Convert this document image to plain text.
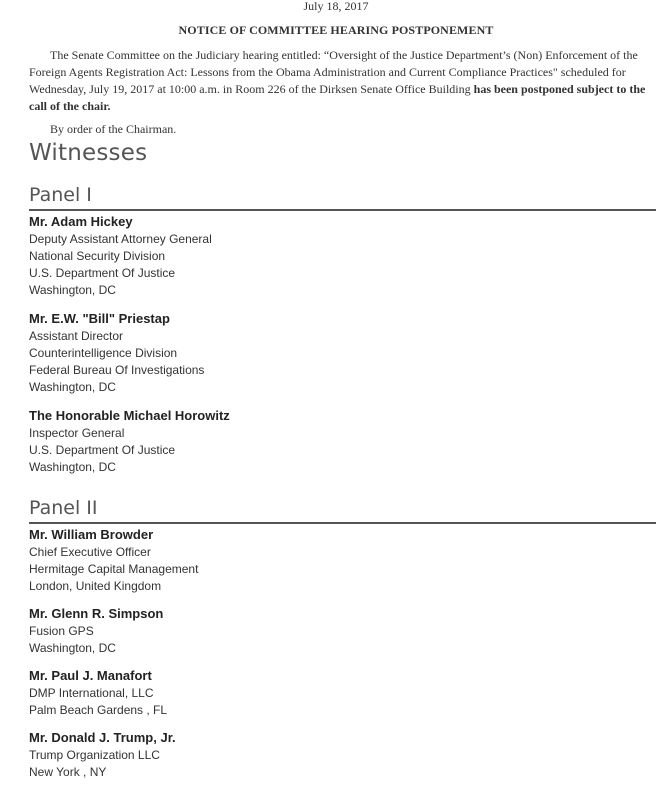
July 18, 2017
NOTICE OF COMMITTEE HEARING POSTPONEMENT

The Senate Committee on the Judiciary hearing entitled: “Oversight of the Justice Department’s (Non) Enforcement of the Foreign Agents Registration Act: Lessons from the Obama Administration and Current Compliance Practices" scheduled for Wednesday, July 19, 2017 at 10:00 a.m. in Room 226 of the Dirksen Senate Office Building has been postponed subject to the call of the chair.

By order of the Chairman.

Witnesses
Panel I
Mr. Adam Hickey
Deputy Assistant Attorney General
National Security Division
U.S. Department Of Justice
Washington, DC
Mr. E.W. "Bill" Priestap
Assistant Director
Counterintelligence Division
Federal Bureau Of Investigations
Washington, DC
The Honorable Michael Horowitz
Inspector General
U.S. Department Of Justice
Washington, DC
Panel II
Mr. William Browder
Chief Executive Officer
Hermitage Capital Management
London, United Kingdom
Mr. Glenn R. Simpson
Fusion GPS
Washington, DC
Mr. Paul J. Manafort
DMP International, LLC
Palm Beach Gardens , FL
Mr. Donald J. Trump, Jr.
Trump Organization LLC
New York , NY
